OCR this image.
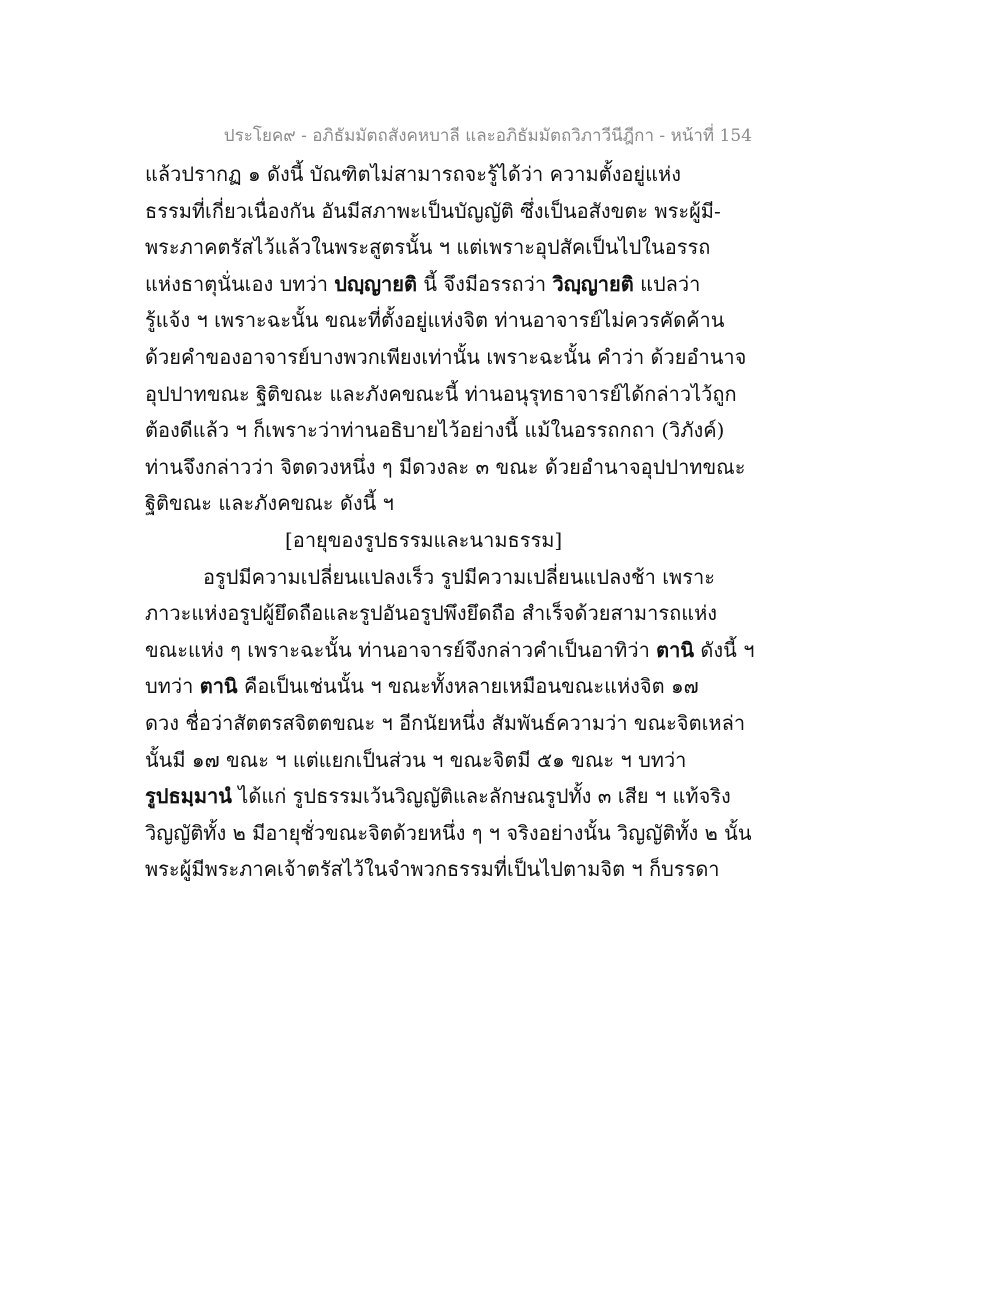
ประโยค๙ - อภิธัมมัตถสังคหบาลี และอภิธัมมัตถวิภาวีนีฎีกา - หน้าที่ 154
แล้วปรากฏ ๑ ดังนี้ บัณฑิตไม่สามารถจะรู้ได้ว่า ความตั้งอยู่แห่ง
ธรรมที่เกี่ยวเนื่องกัน อันมีสภาพะเป็นบัญญัติ ซึ่งเป็นอสังขตะ พระผู้มี-
พระภาคตรัสไว้แล้วในพระสูตรนั้น ฯ แต่เพราะอุปสัคเป็นไปในอรรถ
แห่งธาตุนั่นเอง บทว่า ปญฺญายติ นี้ จึงมีอรรถว่า วิญฺญายติ แปลว่า
รู้แจ้ง ฯ เพราะฉะนั้น ขณะที่ตั้งอยู่แห่งจิต ท่านอาจารย์ไม่ควรคัดค้าน
ด้วยคำของอาจารย์บางพวกเพียงเท่านั้น เพราะฉะนั้น คำว่า ด้วยอำนาจ
อุปปาทขณะ ฐิติขณะ และภังคขณะนี้ ท่านอนุรุทธาจารย์ได้กล่าวไว้ถูก
ต้องดีแล้ว ฯ ก็เพราะว่าท่านอธิบายไว้อย่างนี้ แม้ในอรรถกถา (วิภังค์)
ท่านจึงกล่าวว่า จิตดวงหนึ่ง ๆ มีดวงละ ๓ ขณะ ด้วยอำนาจอุปปาทขณะ
ฐิติขณะ และภังคขณะ ดังนี้ ฯ
[อายุของรูปธรรมและนามธรรม]
อรูปมีความเปลี่ยนแปลงเร็ว รูปมีความเปลี่ยนแปลงช้า เพราะ
ภาวะแห่งอรูปผู้ยึดถือและรูปอันอรูปพึงยึดถือ สำเร็จด้วยสามารถแห่ง
ขณะแห่ง ๆ เพราะฉะนั้น ท่านอาจารย์จึงกล่าวคำเป็นอาทิว่า ตานิ ดังนี้ ฯ
บทว่า ตานิ คือเป็นเช่นนั้น ฯ ขณะทั้งหลายเหมือนขณะแห่งจิต ๑๗
ดวง ชื่อว่าสัตตรสจิตตขณะ ฯ อีกนัยหนึ่ง สัมพันธ์ความว่า ขณะจิตเหล่า
นั้นมี ๑๗ ขณะ ฯ แต่แยกเป็นส่วน ฯ ขณะจิตมี ๕๑ ขณะ ฯ บทว่า
รูปธมฺมานํ ได้แก่ รูปธรรมเว้นวิญญัติและลักษณรูปทั้ง ๓ เสีย ฯ แท้จริง
วิญญัติทั้ง ๒ มีอายุชั่วขณะจิตด้วยหนึ่ง ๆ ฯ จริงอย่างนั้น วิญญัติทั้ง ๒ นั้น
พระผู้มีพระภาคเจ้าตรัสไว้ในจำพวกธรรมที่เป็นไปตามจิต ฯ ก็บรรดา
